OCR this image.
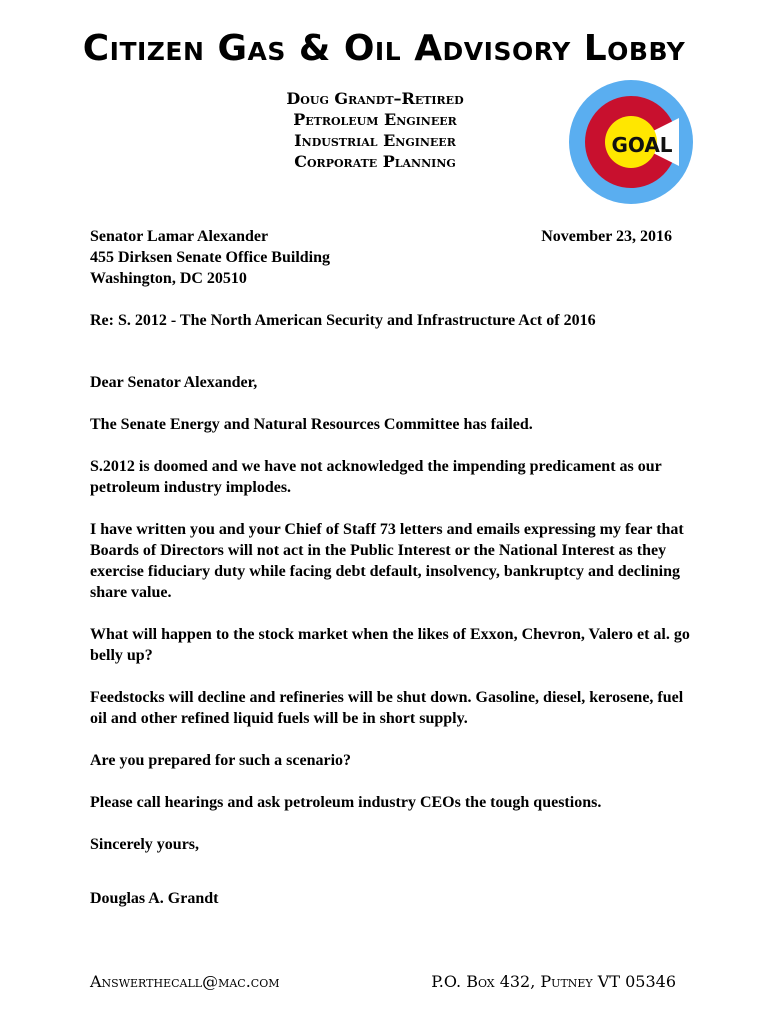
Citizen Gas & Oil Advisory Lobby
Doug Grandt–Retired
Petroleum Engineer
Industrial Engineer
Corporate Planning
GOAL

Senator Lamar Alexander

455 Dirksen Senate Office Building

Washington, DC 20510

November 23, 2016

Re: S. 2012 - The North American Security and Infrastructure Act of 2016

Dear Senator Alexander,

The Senate Energy and Natural Resources Committee has failed.

S.2012 is doomed and we have not acknowledged the impending predicament as our petroleum industry implodes.

I have written you and your Chief of Staff 73 letters and emails expressing my fear that Boards of Directors will not act in the Public Interest or the National Interest as they exercise fiduciary duty while facing debt default, insolvency, bankruptcy and declining share value.

What will happen to the stock market when the likes of Exxon, Chevron, Valero et al. go belly up?

Feedstocks will decline and refineries will be shut down. Gasoline, diesel, kerosene, fuel oil and other refined liquid fuels will be in short supply.

Are you prepared for such a scenario?

Please call hearings and ask petroleum industry CEOs the tough questions.

Sincerely yours,

Douglas A. Grandt

Answerthecall@mac.com	P.O. Box 432, Putney VT 05346
